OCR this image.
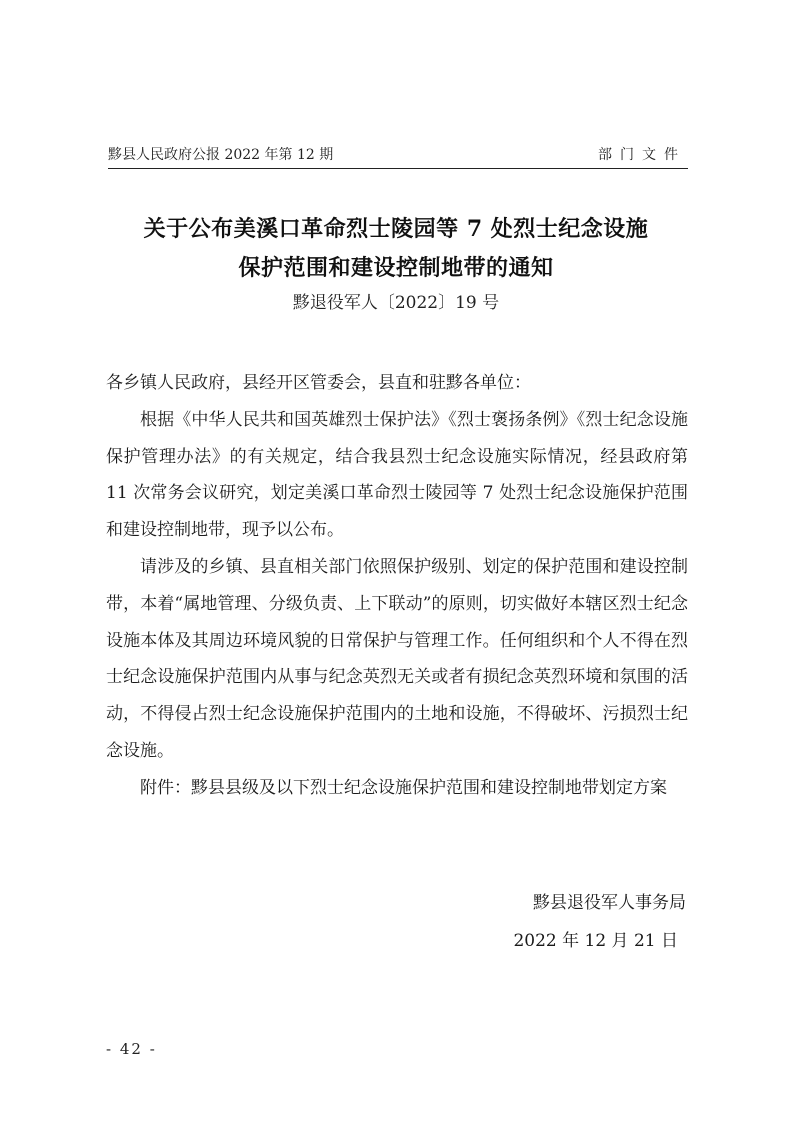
黟县人民政府公报 2022 年第 12 期	部门文件
关于公布美溪口革命烈士陵园等 7 处烈士纪念设施
保护范围和建设控制地带的通知
黟退役军人〔2022〕19 号

各乡镇人民政府，县经开区管委会，县直和驻黟各单位：

根据《中华人民共和国英雄烈士保护法》《烈士褒扬条例》《烈士纪念设施保护管理办法》的有关规定，结合我县烈士纪念设施实际情况，经县政府第 11 次常务会议研究，划定美溪口革命烈士陵园等 7 处烈士纪念设施保护范围和建设控制地带，现予以公布。

请涉及的乡镇、县直相关部门依照保护级别、划定的保护范围和建设控制带，本着“属地管理、分级负责、上下联动”的原则，切实做好本辖区烈士纪念设施本体及其周边环境风貌的日常保护与管理工作。任何组织和个人不得在烈士纪念设施保护范围内从事与纪念英烈无关或者有损纪念英烈环境和氛围的活动，不得侵占烈士纪念设施保护范围内的土地和设施，不得破坏、污损烈士纪念设施。

附件：黟县县级及以下烈士纪念设施保护范围和建设控制地带划定方案

黟县退役军人事务局
2022 年 12 月 21 日
- 42 -
